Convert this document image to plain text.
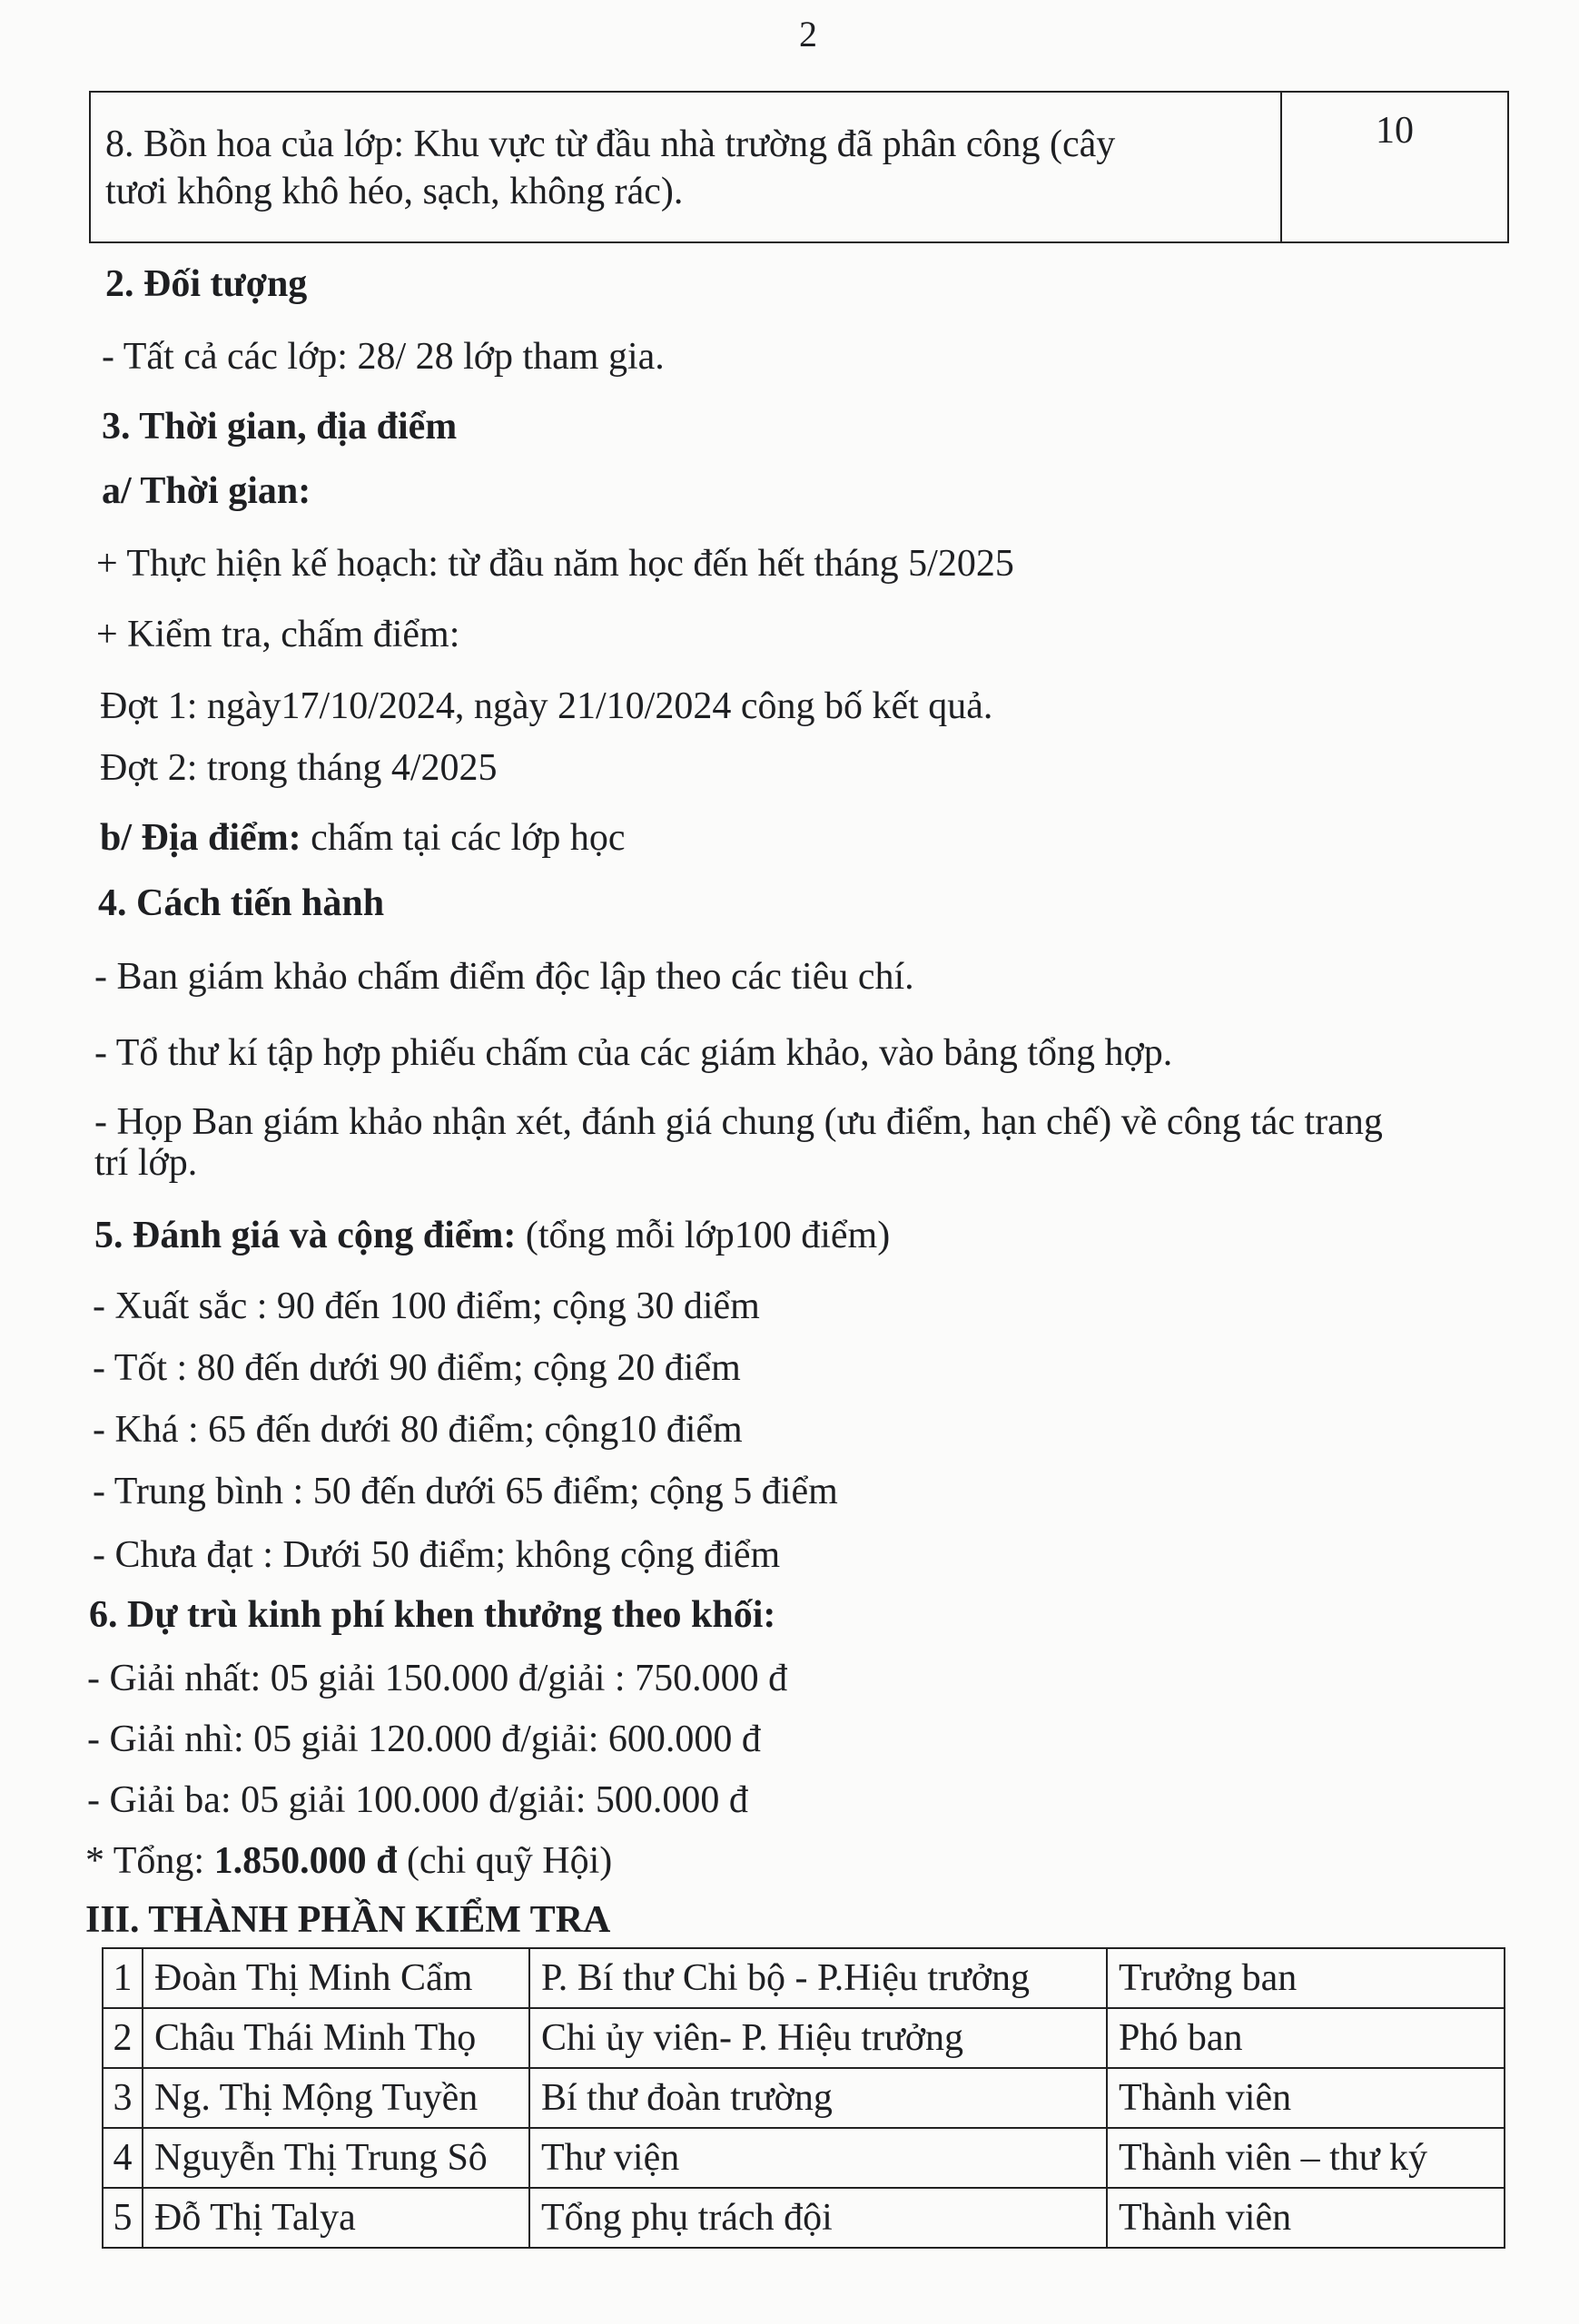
2
8. Bồn hoa của lớp: Khu vực từ đầu nhà trường đã phân công (cây
tươi không khô héo, sạch, không rác).
	10
2. Đối tượng
- Tất cả các lớp: 28/ 28 lớp tham gia.
3. Thời gian, địa điểm
a/ Thời gian:
+ Thực hiện kế hoạch: từ đầu năm học đến hết tháng 5/2025
+ Kiểm tra, chấm điểm:
Đợt 1: ngày17/10/2024, ngày 21/10/2024 công bố kết quả.
Đợt 2: trong tháng 4/2025
b/ Địa điểm: chấm tại các lớp học
4. Cách tiến hành
- Ban giám khảo chấm điểm độc lập theo các tiêu chí.
- Tổ thư kí tập hợp phiếu chấm của các giám khảo, vào bảng tổng hợp.
- Họp Ban giám khảo nhận xét, đánh giá chung (ưu điểm, hạn chế) về công tác trang
trí lớp.
5. Đánh giá và cộng điểm: (tổng mỗi lớp100 điểm)
- Xuất sắc : 90 đến 100 điểm; cộng 30 diểm
- Tốt : 80 đến dưới 90 điểm; cộng 20 điểm
- Khá : 65 đến dưới 80 điểm; cộng10 điểm
- Trung bình : 50 đến dưới 65 điểm; cộng 5 điểm
- Chưa đạt : Dưới 50 điểm; không cộng điểm
6. Dự trù kinh phí khen thưởng theo khối:
- Giải nhất: 05 giải 150.000 đ/giải : 750.000 đ
- Giải nhì: 05 giải 120.000 đ/giải: 600.000 đ
- Giải ba: 05 giải 100.000 đ/giải: 500.000 đ
* Tổng: 1.850.000 đ (chi quỹ Hội)
III. THÀNH PHẦN KIỂM TRA
1	Đoàn Thị Minh Cẩm	P. Bí thư Chi bộ - P.Hiệu trưởng	Trưởng ban
2	Châu Thái Minh Thọ	Chi ủy viên- P. Hiệu trưởng	Phó ban
3	Ng. Thị Mộng Tuyền	Bí thư đoàn trường	Thành viên
4	Nguyễn Thị Trung Sô	Thư viện	Thành viên – thư ký
5	Đỗ Thị Talya	Tổng phụ trách đội	Thành viên
